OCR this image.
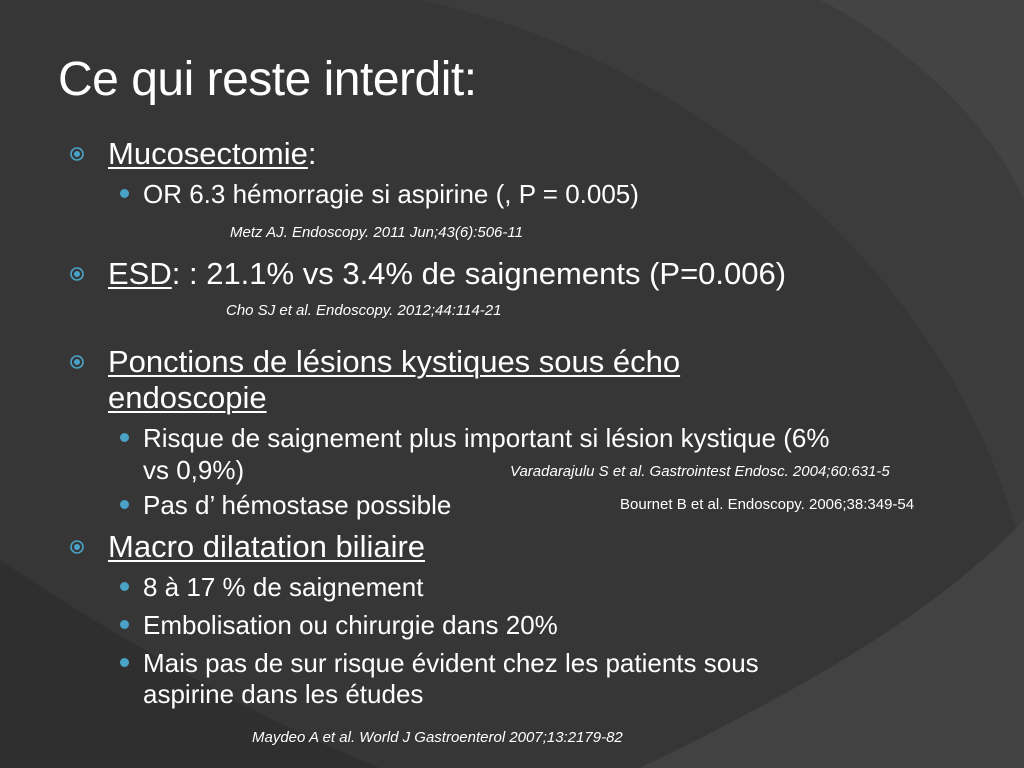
Ce qui reste interdit:
Mucosectomie:
OR 6.3 hémorragie si aspirine (, P = 0.005)
Metz AJ. Endoscopy. 2011 Jun;43(6):506-11
ESD: : 21.1% vs 3.4% de saignements (P=0.006)
Cho SJ et al. Endoscopy. 2012;44:114-21
Ponctions de lésions kystiques sous écho
endoscopie
Risque de saignement plus important si lésion kystique (6%
vs 0,9%)	Varadarajulu S et al. Gastrointest Endosc. 2004;60:631-5
Pas d’ hémostase possible	Bournet B et al. Endoscopy. 2006;38:349-54
Macro dilatation biliaire
8 à 17 % de saignement
Embolisation ou chirurgie dans 20%
Mais pas de sur risque évident chez les patients sous
aspirine dans les études
Maydeo A et al. World J Gastroenterol 2007;13:2179-82
